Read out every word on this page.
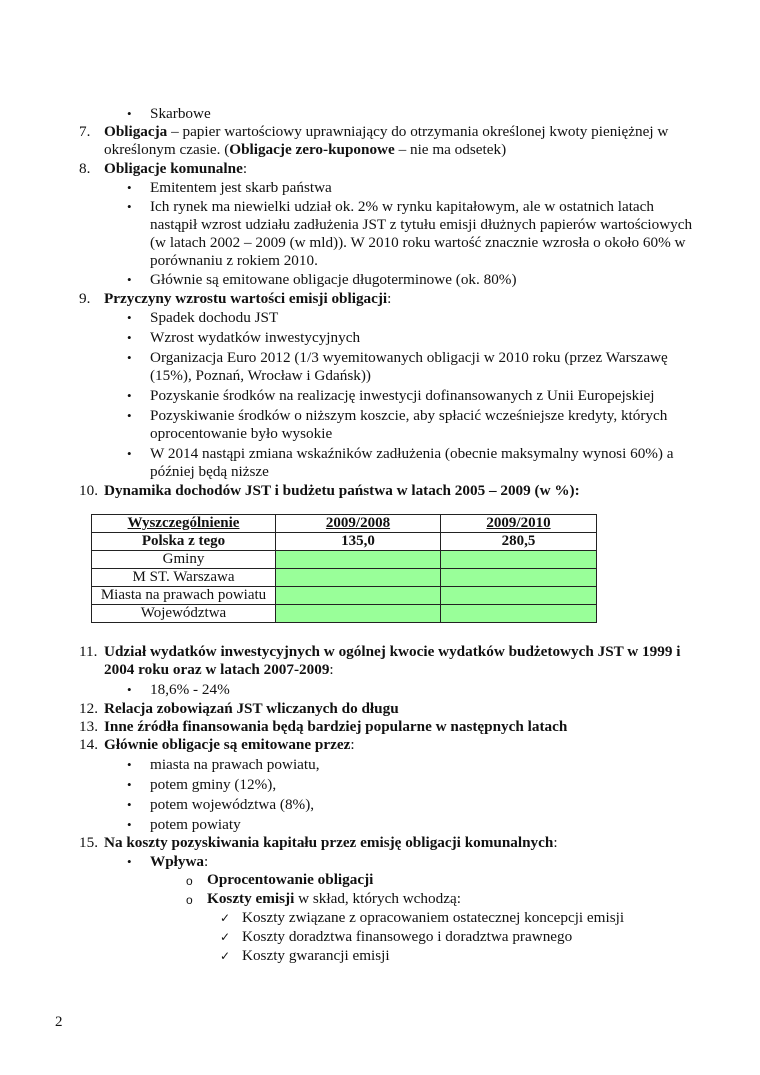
• Skarbowe
7. Obligacja – papier wartościowy uprawniający do otrzymania określonej kwoty pieniężnej w
określonym czasie. (Obligacje zero-kuponowe – nie ma odsetek)
8. Obligacje komunalne:
• Emitentem jest skarb państwa
• Ich rynek ma niewielki udział ok. 2% w rynku kapitałowym, ale w ostatnich latach
nastąpił wzrost udziału zadłużenia JST z tytułu emisji dłużnych papierów wartościowych
(w latach 2002 – 2009 (w mld)). W 2010 roku wartość znacznie wzrosła o około 60% w
porównaniu z rokiem 2010.
• Głównie są emitowane obligacje długoterminowe (ok. 80%)
9. Przyczyny wzrostu wartości emisji obligacji:
• Spadek dochodu JST
• Wzrost wydatków inwestycyjnych
• Organizacja Euro 2012 (1/3 wyemitowanych obligacji w 2010 roku (przez Warszawę
(15%), Poznań, Wrocław i Gdańsk))
• Pozyskanie środków na realizację inwestycji dofinansowanych z Unii Europejskiej
• Pozyskiwanie środków o niższym koszcie, aby spłacić wcześniejsze kredyty, których
oprocentowanie było wysokie
• W 2014 nastąpi zmiana wskaźników zadłużenia (obecnie maksymalny wynosi 60%) a
później będą niższe
10. Dynamika dochodów JST i budżetu państwa w latach 2005 – 2009 (w %):
Wyszczególnienie	2009/2008	2009/2010
Polska z tego	135,0	280,5
Gminy		
M ST. Warszawa		
Miasta na prawach powiatu		
Województwa		
11. Udział wydatków inwestycyjnych w ogólnej kwocie wydatków budżetowych JST w 1999 i
2004 roku oraz w latach 2007-2009:
• 18,6% - 24%
12. Relacja zobowiązań JST wliczanych do długu
13. Inne źródła finansowania będą bardziej popularne w następnych latach
14. Głównie obligacje są emitowane przez:
• miasta na prawach powiatu,
• potem gminy (12%),
• potem województwa (8%),
• potem powiaty
15. Na koszty pozyskiwania kapitału przez emisję obligacji komunalnych:
• Wpływa:
o Oprocentowanie obligacji
o Koszty emisji w skład, których wchodzą:
✓ Koszty związane z opracowaniem ostatecznej koncepcji emisji
✓ Koszty doradztwa finansowego i doradztwa prawnego
✓ Koszty gwarancji emisji
2
